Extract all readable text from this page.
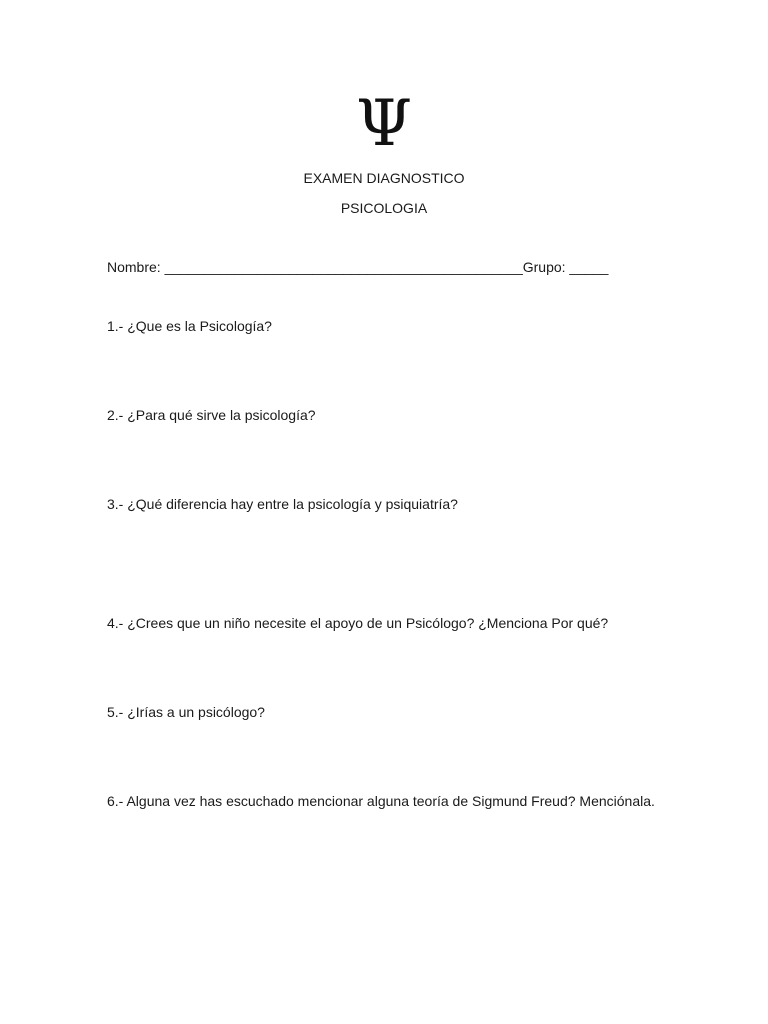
Ψ
EXAMEN DIAGNOSTICO
PSICOLOGIA
Nombre: ______________________________________________Grupo: _____
1.- ¿Que es la Psicología?
2.- ¿Para qué sirve la psicología?
3.- ¿Qué diferencia hay entre la psicología y psiquiatría?
4.- ¿Crees que un niño necesite el apoyo de un Psicólogo? ¿Menciona Por qué?
5.- ¿Irías a un psicólogo?
6.- Alguna vez has escuchado mencionar alguna teoría de Sigmund Freud? Menciónala.
